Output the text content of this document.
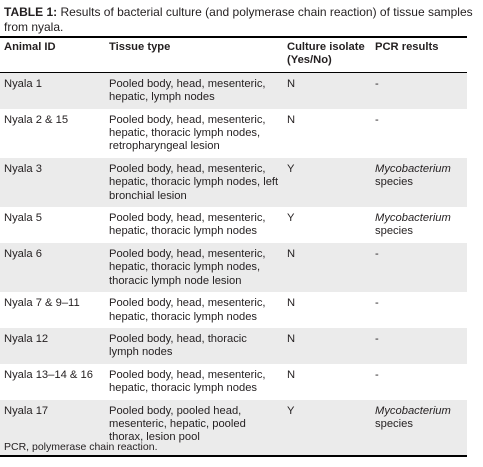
TABLE 1: Results of bacterial culture (and polymerase chain reaction) of tissue samples from nyala.
Animal ID	Tissue type	Culture isolate (Yes/No)	PCR results
Nyala 1	Pooled body, head, mesenteric, hepatic, lymph nodes	N	-
Nyala 2 & 15	Pooled body, head, mesenteric, hepatic, thoracic lymph nodes, retropharyngeal lesion	N	-
Nyala 3	Pooled body, head, mesenteric, hepatic, thoracic lymph nodes, left bronchial lesion	Y	Mycobacterium
species
Nyala 5	Pooled body, head, mesenteric, hepatic, thoracic lymph nodes	Y	Mycobacterium
species
Nyala 6	Pooled body, head, mesenteric, hepatic, thoracic lymph nodes, thoracic lymph node lesion	N	-
Nyala 7 & 9–11	Pooled body, head, mesenteric, hepatic, thoracic lymph nodes	N	-
Nyala 12	Pooled body, head, thoracic lymph nodes	N	-
Nyala 13–14 & 16	Pooled body, head, mesenteric, hepatic, thoracic lymph nodes	N	-
Nyala 17	Pooled body, pooled head, mesenteric, hepatic, pooled thorax, lesion pool	Y	Mycobacterium
species
PCR, polymerase chain reaction.
